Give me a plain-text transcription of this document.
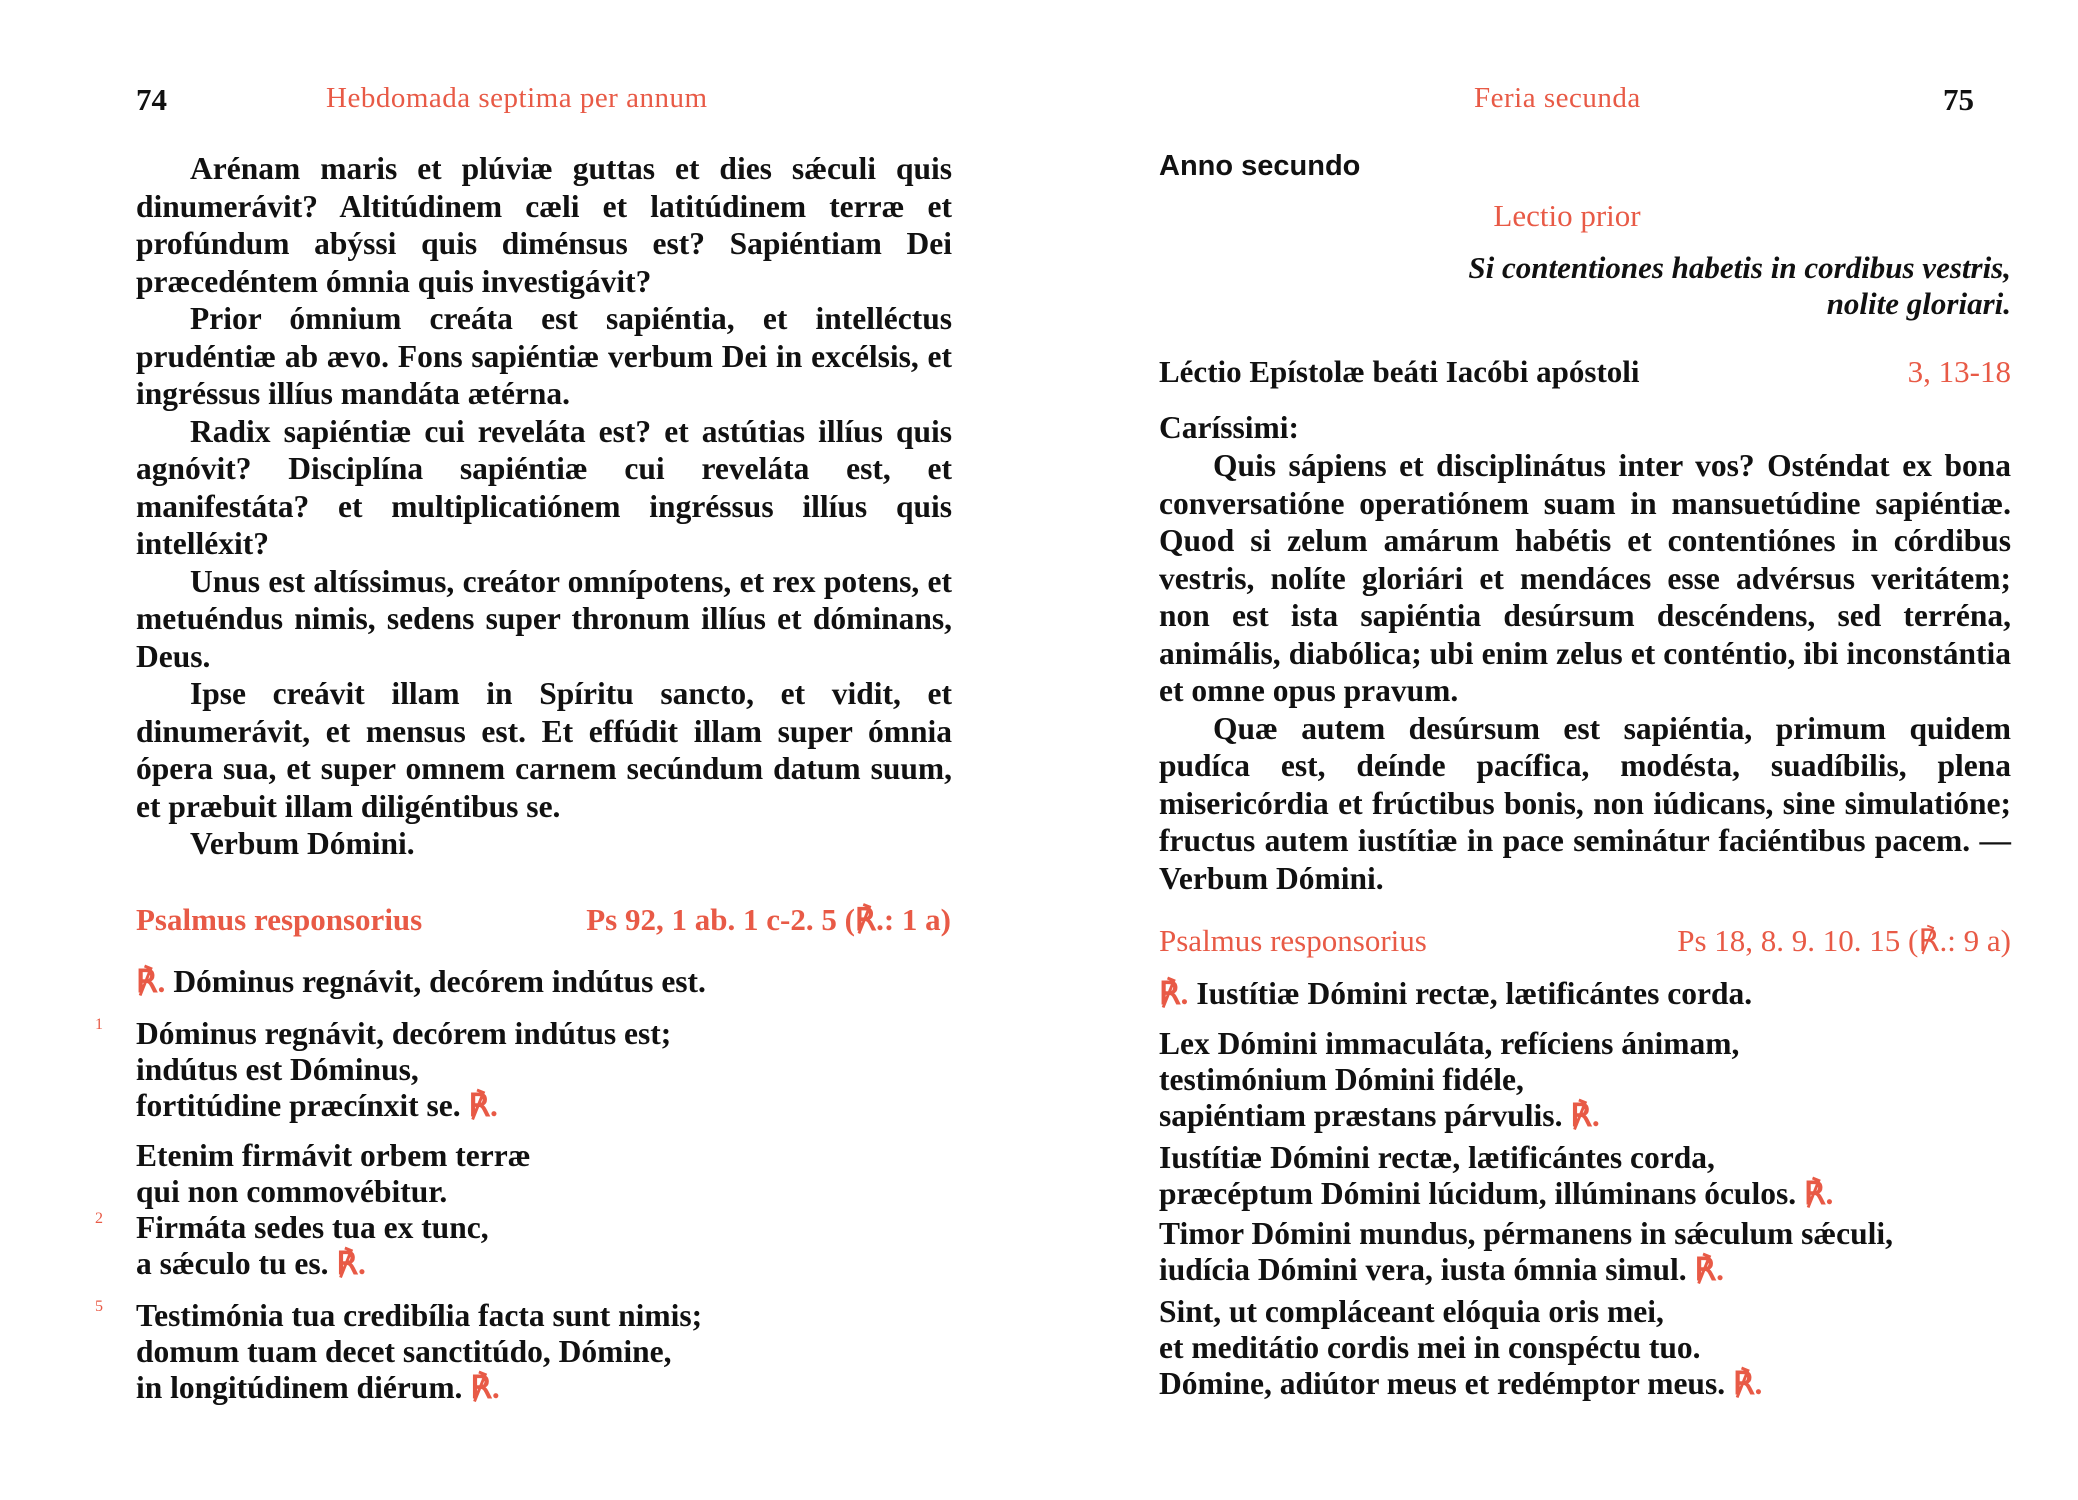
74	Hebdomada septima per annum

Arénam maris et plúviæ guttas et dies sǽculi quis dinumerávit? Altitúdinem cæli et latitúdinem terræ et profúndum abýssi quis diménsus est? Sapiéntiam Dei præcedéntem ómnia quis investigávit?

Prior ómnium creáta est sapiéntia, et intelléctus prudéntiæ ab ævo. Fons sapiéntiæ verbum Dei in excélsis, et ingréssus illíus mandáta ætérna.

Radix sapiéntiæ cui reveláta est? et astútias illíus quis agnóvit? Disciplína sapiéntiæ cui reveláta est, et manifestáta? et multiplicatiónem ingréssus illíus quis intelléxit?

Unus est altíssimus, creátor omnípotens, et rex potens, et metuéndus nimis, sedens super thronum illíus et dóminans, Deus.

Ipse creávit illam in Spíritu sancto, et vidit, et dinumerávit, et mensus est. Et effúdit illam super ómnia ópera sua, et super omnem carnem secúndum datum suum, et præbuit illam diligéntibus se.

Verbum Dómini.

Psalmus responsorius	Ps 92, 1 ab. 1 c-2. 5 (℟.: 1 a)
℟. Dóminus regnávit, decórem indútus est.
1 Dóminus regnávit, decórem indútus est;
indútus est Dóminus,
fortitúdine præcínxit se. ℟.
Etenim firmávit orbem terræ
qui non commovébitur.
2 Firmáta sedes tua ex tunc,
a sǽculo tu es. ℟.
5 Testimónia tua credibília facta sunt nimis;
domum tuam decet sanctitúdo, Dómine,
in longitúdinem diérum. ℟.
Feria secunda	75
Anno secundo
Lectio prior
Si contentiones habetis in cordibus vestris,
nolite gloriari.
Léctio Epístolæ beáti Iacóbi apóstoli	3, 13-18
Caríssimi:

Quis sápiens et disciplinátus inter vos? Osténdat ex bona conversatióne operatiónem suam in mansuetúdine sapiéntiæ. Quod si zelum amárum habétis et contentiónes in córdibus vestris, nolíte gloriári et mendáces esse advérsus veritátem; non est ista sapiéntia desúrsum descéndens, sed terréna, animális, diabólica; ubi enim zelus et conténtio, ibi inconstántia et omne opus pravum.

Quæ autem desúrsum est sapiéntia, primum quidem pudíca est, deínde pacífica, modésta, suadíbilis, plena misericórdia et frúctibus bonis, non iúdicans, sine simulatióne; fructus autem iustítiæ in pace seminátur faciéntibus pacem. — Verbum Dómini.

Psalmus responsorius	Ps 18, 8. 9. 10. 15 (℟.: 9 a)
℟. Iustítiæ Dómini rectæ, lætificántes corda.
Lex Dómini immaculáta, refíciens ánimam,
testimónium Dómini fidéle,
sapiéntiam præstans párvulis. ℟.
Iustítiæ Dómini rectæ, lætificántes corda,
præcéptum Dómini lúcidum, illúminans óculos. ℟.
Timor Dómini mundus, pérmanens in sǽculum sǽculi,
iudícia Dómini vera, iusta ómnia simul. ℟.
Sint, ut compláceant elóquia oris mei,
et meditátio cordis mei in conspéctu tuo.
Dómine, adiútor meus et redémptor meus. ℟.
